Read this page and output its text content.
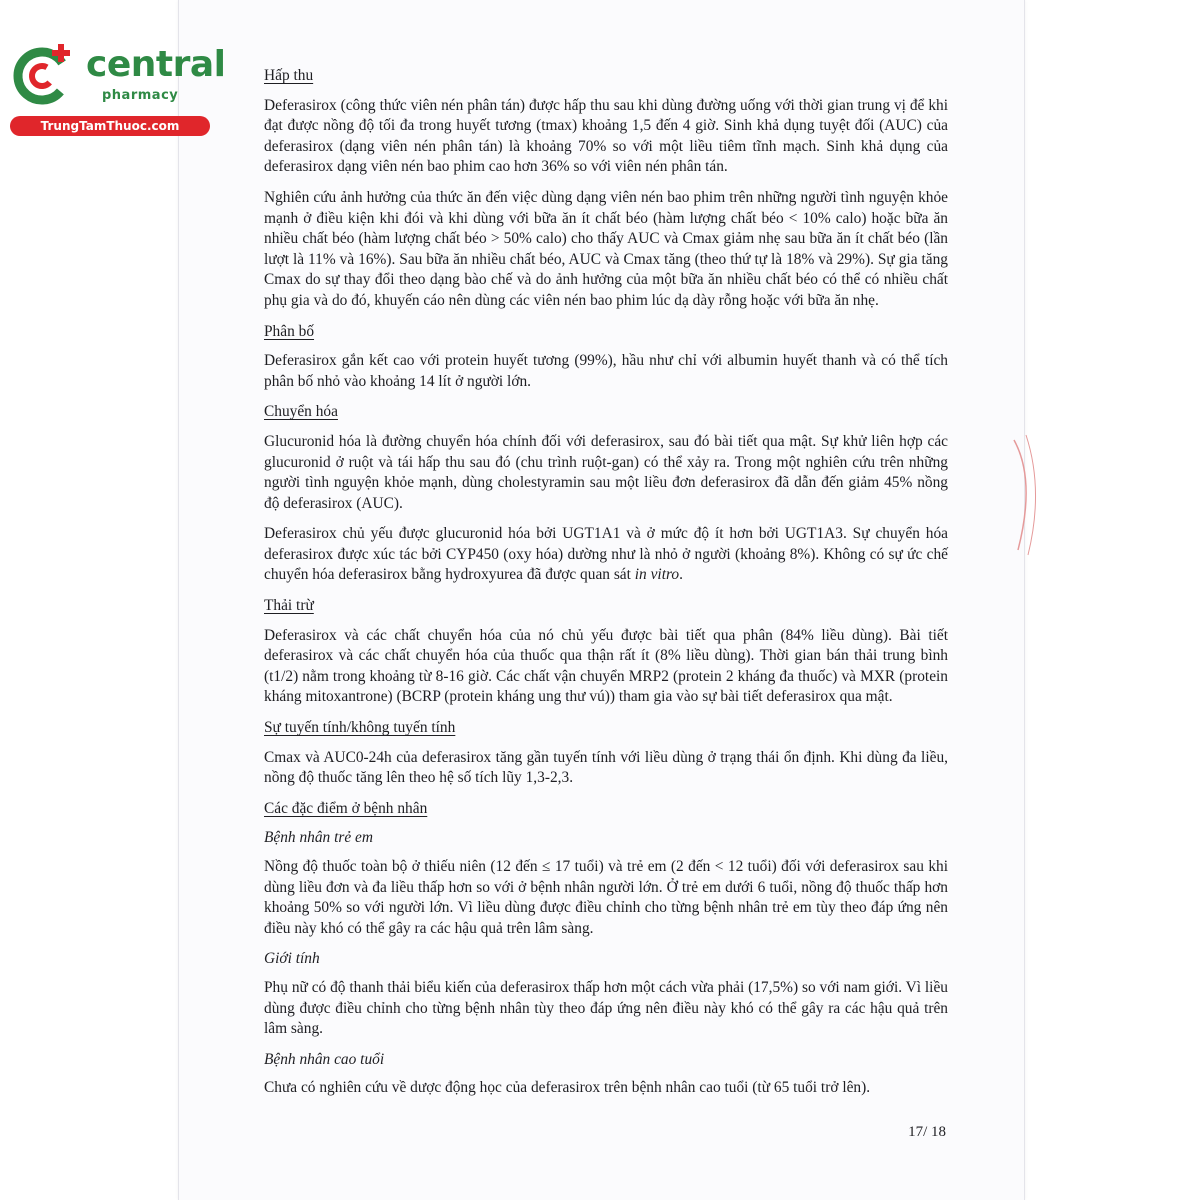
central
pharmacy
TrungTamThuoc.com
Hấp thu

Deferasirox (công thức viên nén phân tán) được hấp thu sau khi dùng đường uống với thời gian trung vị để khi đạt được nồng độ tối đa trong huyết tương (tmax) khoảng 1,5 đến 4 giờ. Sinh khả dụng tuyệt đối (AUC) của deferasirox (dạng viên nén phân tán) là khoảng 70% so với một liều tiêm tĩnh mạch. Sinh khả dụng của deferasirox dạng viên nén bao phim cao hơn 36% so với viên nén phân tán.

Nghiên cứu ảnh hưởng của thức ăn đến việc dùng dạng viên nén bao phim trên những người tình nguyện khỏe mạnh ở điều kiện khi đói và khi dùng với bữa ăn ít chất béo (hàm lượng chất béo < 10% calo) hoặc bữa ăn nhiều chất béo (hàm lượng chất béo > 50% calo) cho thấy AUC và Cmax giảm nhẹ sau bữa ăn ít chất béo (lần lượt là 11% và 16%). Sau bữa ăn nhiều chất béo, AUC và Cmax tăng (theo thứ tự là 18% và 29%). Sự gia tăng Cmax do sự thay đổi theo dạng bào chế và do ảnh hưởng của một bữa ăn nhiều chất béo có thể có nhiều chất phụ gia và do đó, khuyến cáo nên dùng các viên nén bao phim lúc dạ dày rỗng hoặc với bữa ăn nhẹ.

Phân bố

Deferasirox gắn kết cao với protein huyết tương (99%), hầu như chỉ với albumin huyết thanh và có thể tích phân bố nhỏ vào khoảng 14 lít ở người lớn.

Chuyển hóa

Glucuronid hóa là đường chuyển hóa chính đối với deferasirox, sau đó bài tiết qua mật. Sự khử liên hợp các glucuronid ở ruột và tái hấp thu sau đó (chu trình ruột-gan) có thể xảy ra. Trong một nghiên cứu trên những người tình nguyện khỏe mạnh, dùng cholestyramin sau một liều đơn deferasirox đã dẫn đến giảm 45% nồng độ deferasirox (AUC).

Deferasirox chủ yếu được glucuronid hóa bởi UGT1A1 và ở mức độ ít hơn bởi UGT1A3. Sự chuyển hóa deferasirox được xúc tác bởi CYP450 (oxy hóa) dường như là nhỏ ở người (khoảng 8%). Không có sự ức chế chuyển hóa deferasirox bằng hydroxyurea đã được quan sát in vitro.

Thải trừ

Deferasirox và các chất chuyển hóa của nó chủ yếu được bài tiết qua phân (84% liều dùng). Bài tiết deferasirox và các chất chuyển hóa của thuốc qua thận rất ít (8% liều dùng). Thời gian bán thải trung bình (t1/2) nằm trong khoảng từ 8-16 giờ. Các chất vận chuyển MRP2 (protein 2 kháng đa thuốc) và MXR (protein kháng mitoxantrone) (BCRP (protein kháng ung thư vú)) tham gia vào sự bài tiết deferasirox qua mật.

Sự tuyến tính/không tuyến tính

Cmax và AUC0-24h của deferasirox tăng gần tuyến tính với liều dùng ở trạng thái ổn định. Khi dùng đa liều, nồng độ thuốc tăng lên theo hệ số tích lũy 1,3-2,3.

Các đặc điểm ở bệnh nhân
Bệnh nhân trẻ em

Nồng độ thuốc toàn bộ ở thiếu niên (12 đến ≤ 17 tuổi) và trẻ em (2 đến < 12 tuổi) đối với deferasirox sau khi dùng liều đơn và đa liều thấp hơn so với ở bệnh nhân người lớn. Ở trẻ em dưới 6 tuổi, nồng độ thuốc thấp hơn khoảng 50% so với người lớn. Vì liều dùng được điều chỉnh cho từng bệnh nhân trẻ em tùy theo đáp ứng nên điều này khó có thể gây ra các hậu quả trên lâm sàng.

Giới tính

Phụ nữ có độ thanh thải biểu kiến của deferasirox thấp hơn một cách vừa phải (17,5%) so với nam giới. Vì liều dùng được điều chỉnh cho từng bệnh nhân tùy theo đáp ứng nên điều này khó có thể gây ra các hậu quả trên lâm sàng.

Bệnh nhân cao tuổi

Chưa có nghiên cứu về dược động học của deferasirox trên bệnh nhân cao tuổi (từ 65 tuổi trở lên).

17/ 18
